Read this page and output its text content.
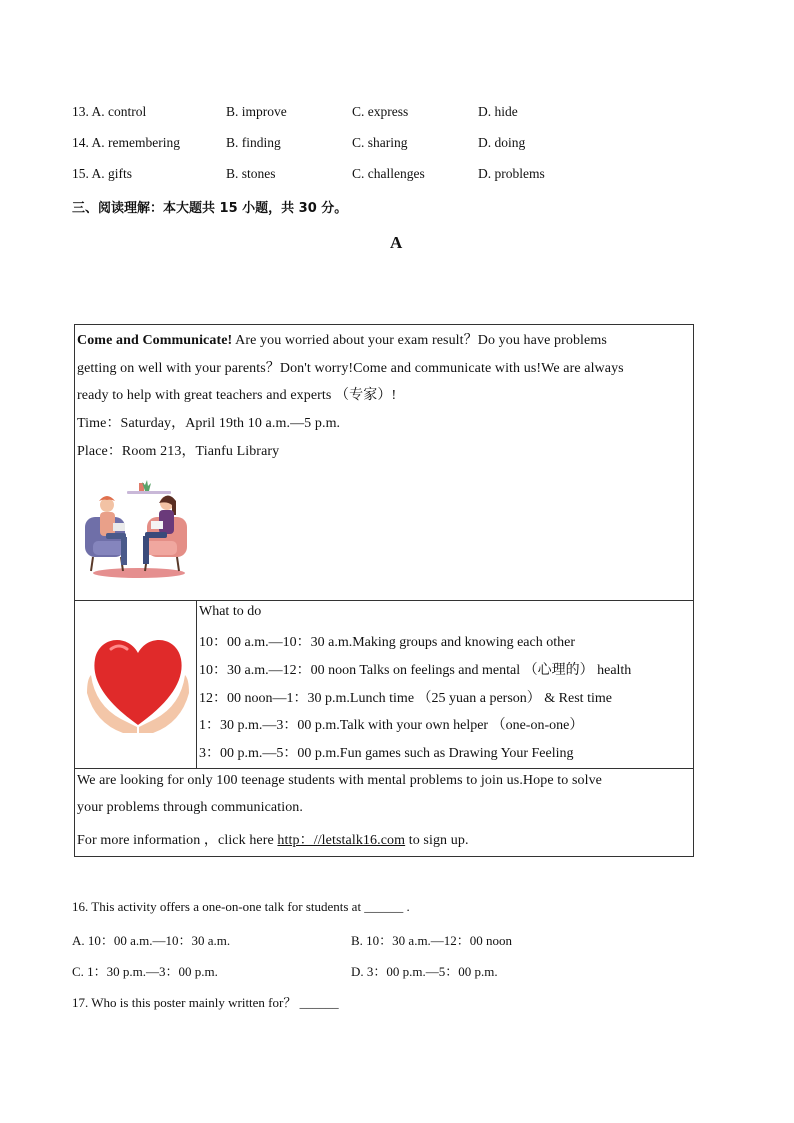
13. A. control	B. improve	C. express	D. hide
14. A. remembering	B. finding	C. sharing	D. doing
15. A. gifts	B. stones	C. challenges	D. problems
三、阅读理解：本大题共 15 小题，共 30 分。
A
Come and Communicate! Are you worried about your exam result？Do you have problems
getting on well with your parents？Don't worry!Come and communicate with us!We are always
ready to help with great teachers and experts （专家）!
Time：Saturday，April 19th 10 a.m.—5 p.m.
Place：Room 213，Tianfu Library
What to do
10：00 a.m.—10：30 a.m.Making groups and knowing each other
10：30 a.m.—12：00 noon Talks on feelings and mental （心理的） health
12：00 noon—1：30 p.m.Lunch time （25 yuan a person） & Rest time
1：30 p.m.—3：00 p.m.Talk with your own helper （one-on-one）
3：00 p.m.—5：00 p.m.Fun games such as Drawing Your Feeling
We are looking for only 100 teenage students with mental problems to join us.Hope to solve
your problems through communication.
For more information ，click here http：//letstalk16.com to sign up.
16. This activity offers a one-on-one talk for students at ______ .
A. 10：00 a.m.—10：30 a.m.	B. 10：30 a.m.—12：00 noon
C. 1：30 p.m.—3：00 p.m.	D. 3：00 p.m.—5：00 p.m.
17. Who is this poster mainly written for？ ______
